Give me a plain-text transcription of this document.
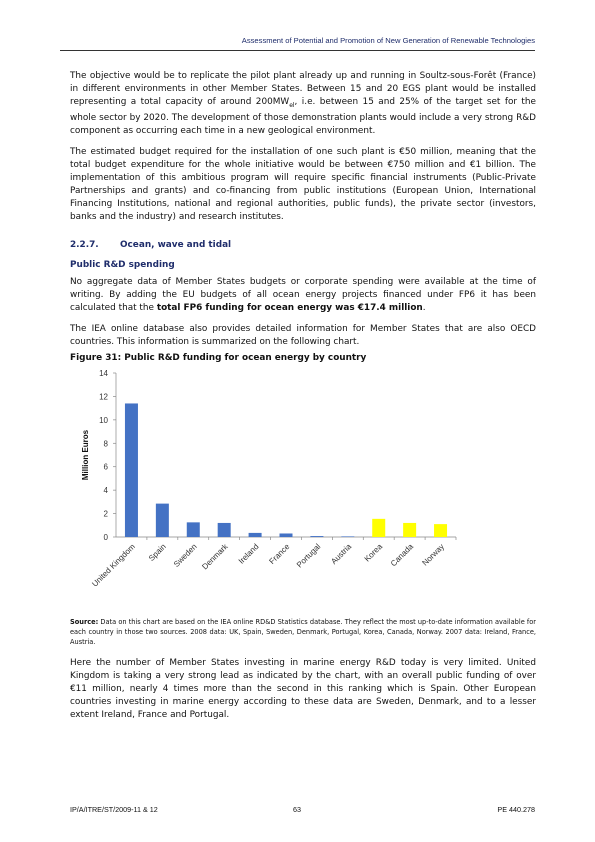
Assessment of Potential and Promotion of New Generation of Renewable Technologies

The objective would be to replicate the pilot plant already up and running in Soultz-sous-Forêt (France) in different environments in other Member States. Between 15 and 20 EGS plant would be installed representing a total capacity of around $200MW_{el}$, i.e. between 15 and 25% of the target set for the whole sector by 2020. The development of those demonstration plants would include a very strong R&D component as occurring each time in a new geological environment.

The estimated budget required for the installation of one such plant is €50 million, meaning that the total budget expenditure for the whole initiative would be between €750 million and €1 billion. The implementation of this ambitious program will require specific financial instruments (Public-Private Partnerships and grants) and co-financing from public institutions (European Union, International Financing Institutions, national and regional authorities, public funds), the private sector (investors, banks and the industry) and research institutes.

2.2.7. Ocean, wave and tidal
Public R&D spending

No aggregate data of Member States budgets or corporate spending were available at the time of writing. By adding the EU budgets of all ocean energy projects financed under FP6 it has been calculated that the total FP6 funding for ocean energy was €17.4 million.

The IEA online database also provides detailed information for Member States that are also OECD countries. This information is summarized on the following chart.

Figure 31: Public R&D funding for ocean energy by country
0
2
4
6
8
10
12
14
Million Euros
United Kingdom Spain Sweden Denmark Ireland France Portugal Austria Korea Canada Norway
Source: Data on this chart are based on the IEA online RD&D Statistics database. They reflect the most up-to-date information available for each country in those two sources. 2008 data: UK, Spain, Sweden, Denmark, Portugal, Korea, Canada, Norway. 2007 data: Ireland, France, Austria.

Here the number of Member States investing in marine energy R&D today is very limited. United Kingdom is taking a very strong lead as indicated by the chart, with an overall public funding of over €11 million, nearly 4 times more than the second in this ranking which is Spain. Other European countries investing in marine energy according to these data are Sweden, Denmark, and to a lesser extent Ireland, France and Portugal.

IP/A/ITRE/ST/2009-11 & 12	63	PE 440.278
